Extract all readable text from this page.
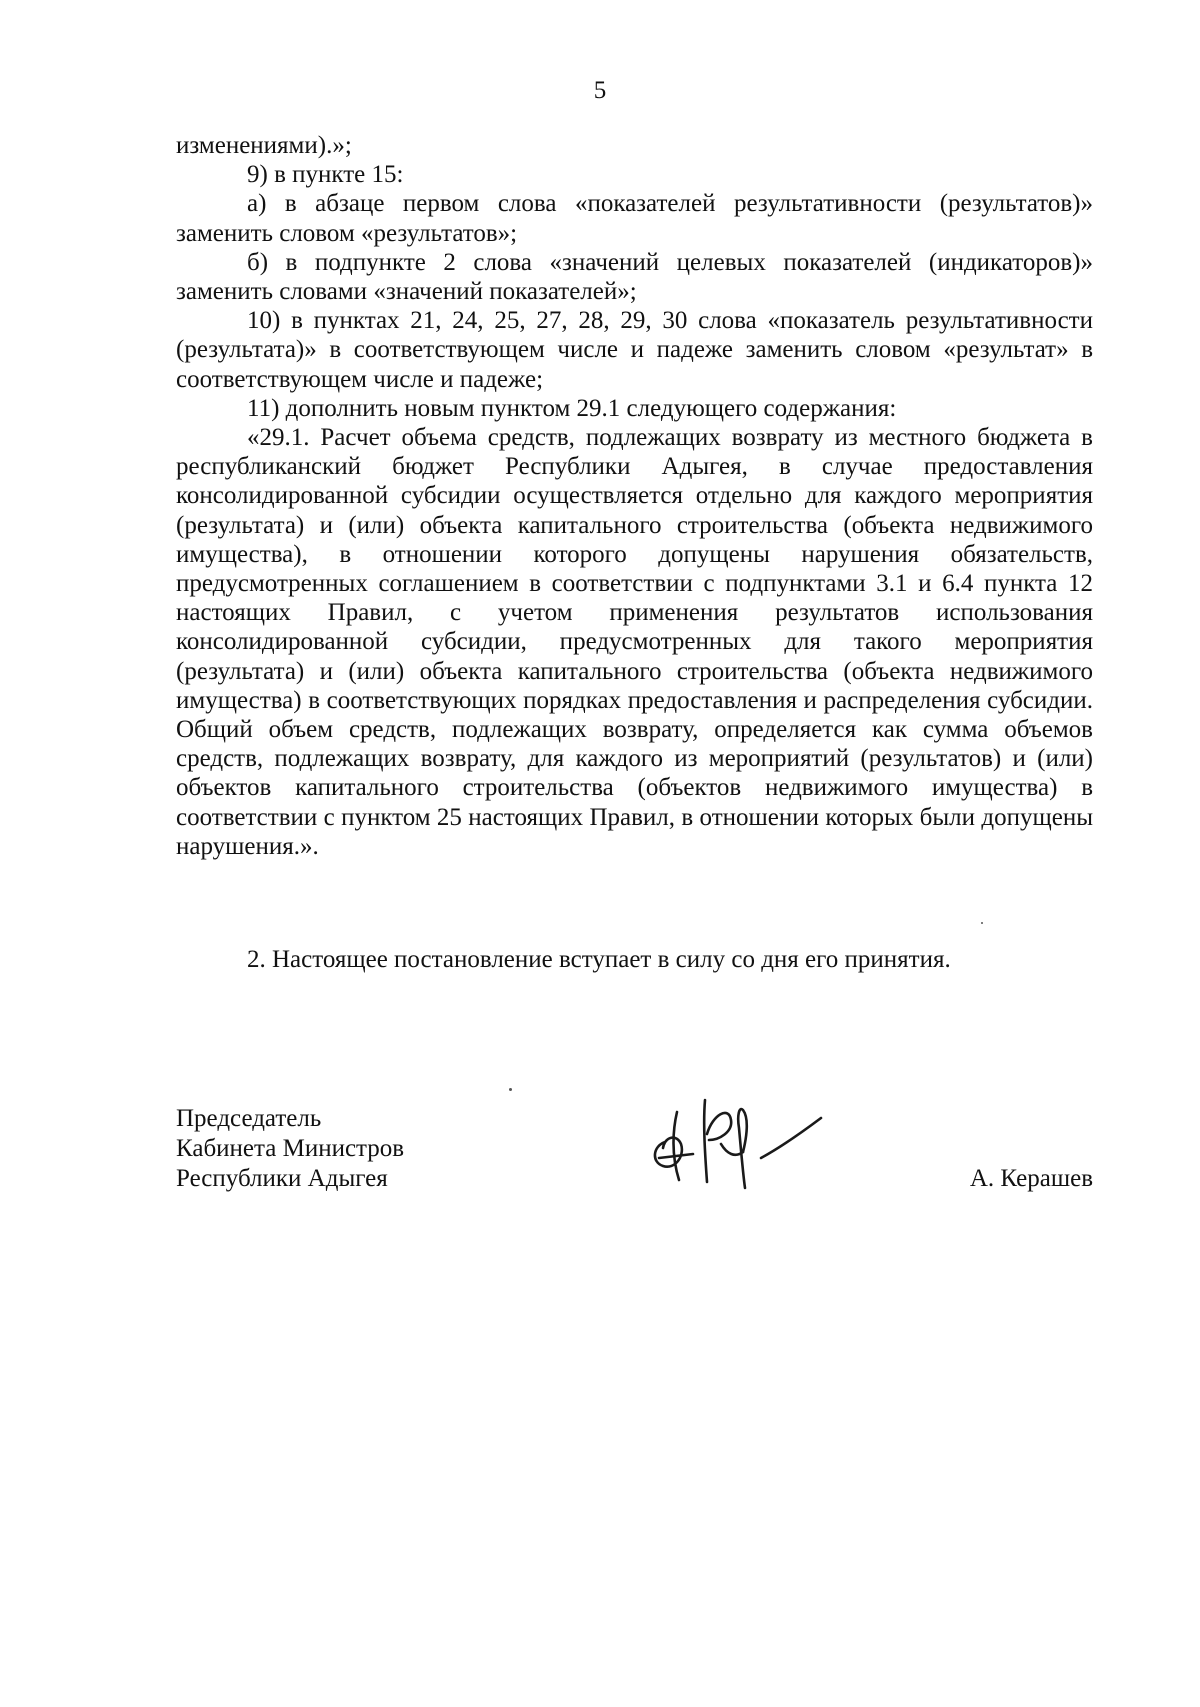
5

изменениями).»;

9) в пункте 15:

а) в абзаце первом слова «показателей результативности (результатов)» заменить словом «результатов»;

б) в подпункте 2 слова «значений целевых показателей (индикаторов)» заменить словами «значений показателей»;

10) в пунктах 21, 24, 25, 27, 28, 29, 30 слова «показатель результативности (результата)» в соответствующем числе и падеже заменить словом «результат» в соответствующем числе и падеже;

11) дополнить новым пунктом 29.1 следующего содержания:

«29.1. Расчет объема средств, подлежащих возврату из местного бюджета в республиканский бюджет Республики Адыгея, в случае предоставления консолидированной субсидии осуществляется отдельно для каждого мероприятия (результата) и (или) объекта капитального строительства (объекта недвижимого имущества), в отношении которого допущены нарушения обязательств, предусмотренных соглашением в соответствии с подпунктами 3.1 и 6.4 пункта 12 настоящих Правил, с учетом применения результатов использования консолидированной субсидии, предусмотренных для такого мероприятия (результата) и (или) объекта капитального строительства (объекта недвижимого имущества) в соответствующих порядках предоставления и распределения субсидии. Общий объем средств, подлежащих возврату, определяется как сумма объемов средств, подлежащих возврату, для каждого из мероприятий (результатов) и (или) объектов капитального строительства (объектов недвижимого имущества) в соответствии с пунктом 25 настоящих Правил, в отношении которых были допущены нарушения.».

2. Настоящее постановление вступает в силу со дня его принятия.

Председатель
Кабинета Министров
Республики Адыгея	А. Керашев
